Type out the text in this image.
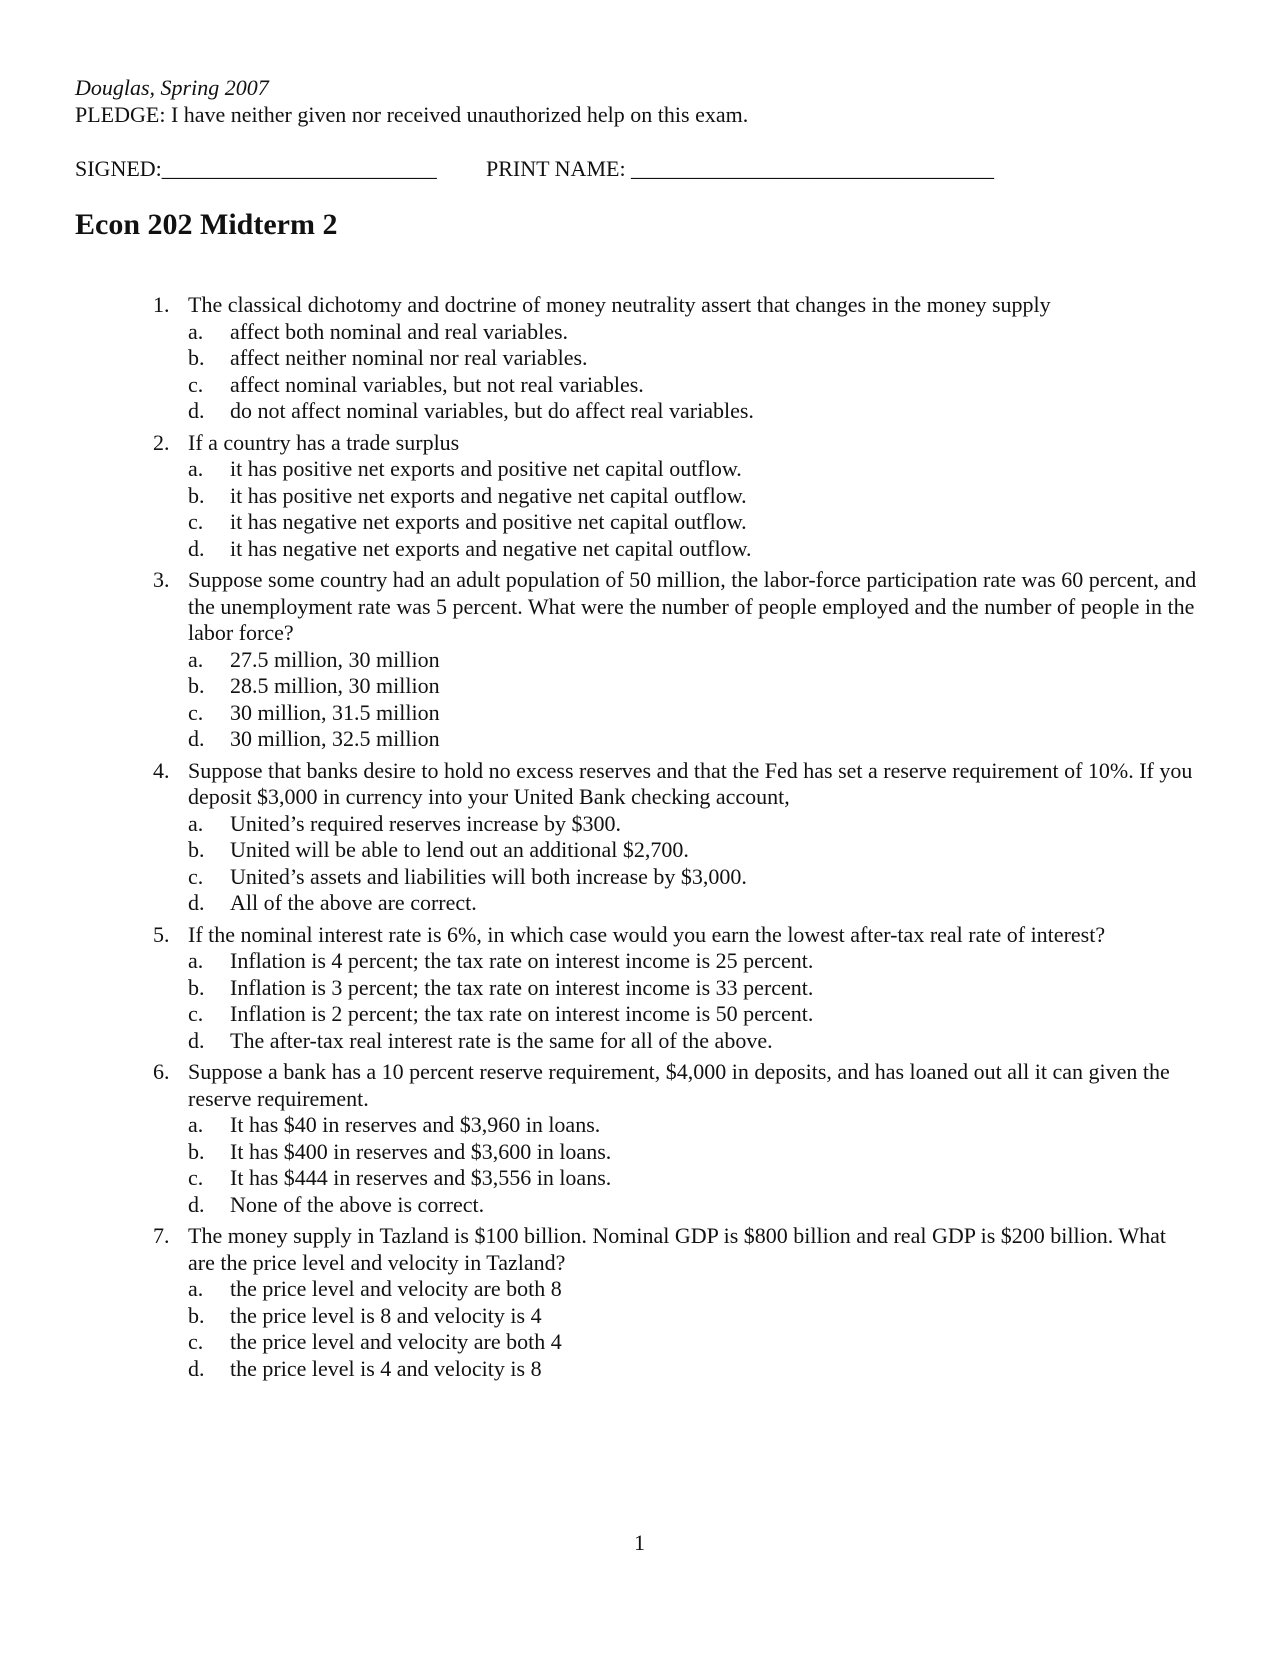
Douglas, Spring 2007
PLEDGE: I have neither given nor received unauthorized help on this exam.
SIGNED:_________________________ PRINT NAME: _________________________________
Econ 202 Midterm 2
1. The classical dichotomy and doctrine of money neutrality assert that changes in the money supply
a. affect both nominal and real variables.
b. affect neither nominal nor real variables.
c. affect nominal variables, but not real variables.
d. do not affect nominal variables, but do affect real variables.
2. If a country has a trade surplus
a. it has positive net exports and positive net capital outflow.
b. it has positive net exports and negative net capital outflow.
c. it has negative net exports and positive net capital outflow.
d. it has negative net exports and negative net capital outflow.
3. Suppose some country had an adult population of 50 million, the labor-force participation rate was 60 percent, and the unemployment rate was 5 percent. What were the number of people employed and the number of people in the labor force?
a. 27.5 million, 30 million
b. 28.5 million, 30 million
c. 30 million, 31.5 million
d. 30 million, 32.5 million
4. Suppose that banks desire to hold no excess reserves and that the Fed has set a reserve requirement of 10%. If you deposit $3,000 in currency into your United Bank checking account,
a. United’s required reserves increase by $300.
b. United will be able to lend out an additional $2,700.
c. United’s assets and liabilities will both increase by $3,000.
d. All of the above are correct.
5. If the nominal interest rate is 6%, in which case would you earn the lowest after-tax real rate of interest?
a. Inflation is 4 percent; the tax rate on interest income is 25 percent.
b. Inflation is 3 percent; the tax rate on interest income is 33 percent.
c. Inflation is 2 percent; the tax rate on interest income is 50 percent.
d. The after-tax real interest rate is the same for all of the above.
6. Suppose a bank has a 10 percent reserve requirement, $4,000 in deposits, and has loaned out all it can given the reserve requirement.
a. It has $40 in reserves and $3,960 in loans.
b. It has $400 in reserves and $3,600 in loans.
c. It has $444 in reserves and $3,556 in loans.
d. None of the above is correct.
7. The money supply in Tazland is $100 billion. Nominal GDP is $800 billion and real GDP is $200 billion. What are the price level and velocity in Tazland?
a. the price level and velocity are both 8
b. the price level is 8 and velocity is 4
c. the price level and velocity are both 4
d. the price level is 4 and velocity is 8
1
